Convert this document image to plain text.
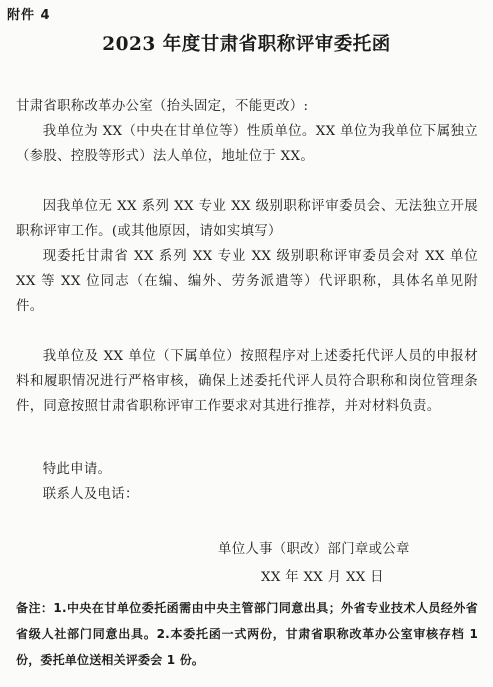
附件 4
2023 年度甘肃省职称评审委托函
甘肃省职称改革办公室（抬头固定，不能更改）:
我单位为 XX（中央在甘单位等）性质单位。XX 单位为我单位下属独立（参股、控股等形式）法人单位，地址位于 XX。
因我单位无 XX 系列 XX 专业 XX 级别职称评审委员会、无法独立开展职称评审工作。(或其他原因，请如实填写）
现委托甘肃省 XX 系列 XX 专业 XX 级别职称评审委员会对 XX 单位 XX 等 XX 位同志（在编、编外、劳务派遣等）代评职称，具体名单见附件。
我单位及 XX 单位（下属单位）按照程序对上述委托代评人员的申报材料和履职情况进行严格审核，确保上述委托代评人员符合职称和岗位管理条件，同意按照甘肃省职称评审工作要求对其进行推荐，并对材料负责。
特此申请。
联系人及电话：
单位人事（职改）部门章或公章
XX 年 XX 月 XX 日
备注：1.中央在甘单位委托函需由中央主管部门同意出具；外省专业技术人员经外省省级人社部门同意出具。2.本委托函一式两份，甘肃省职称改革办公室审核存档 1 份，委托单位送相关评委会 1 份。
